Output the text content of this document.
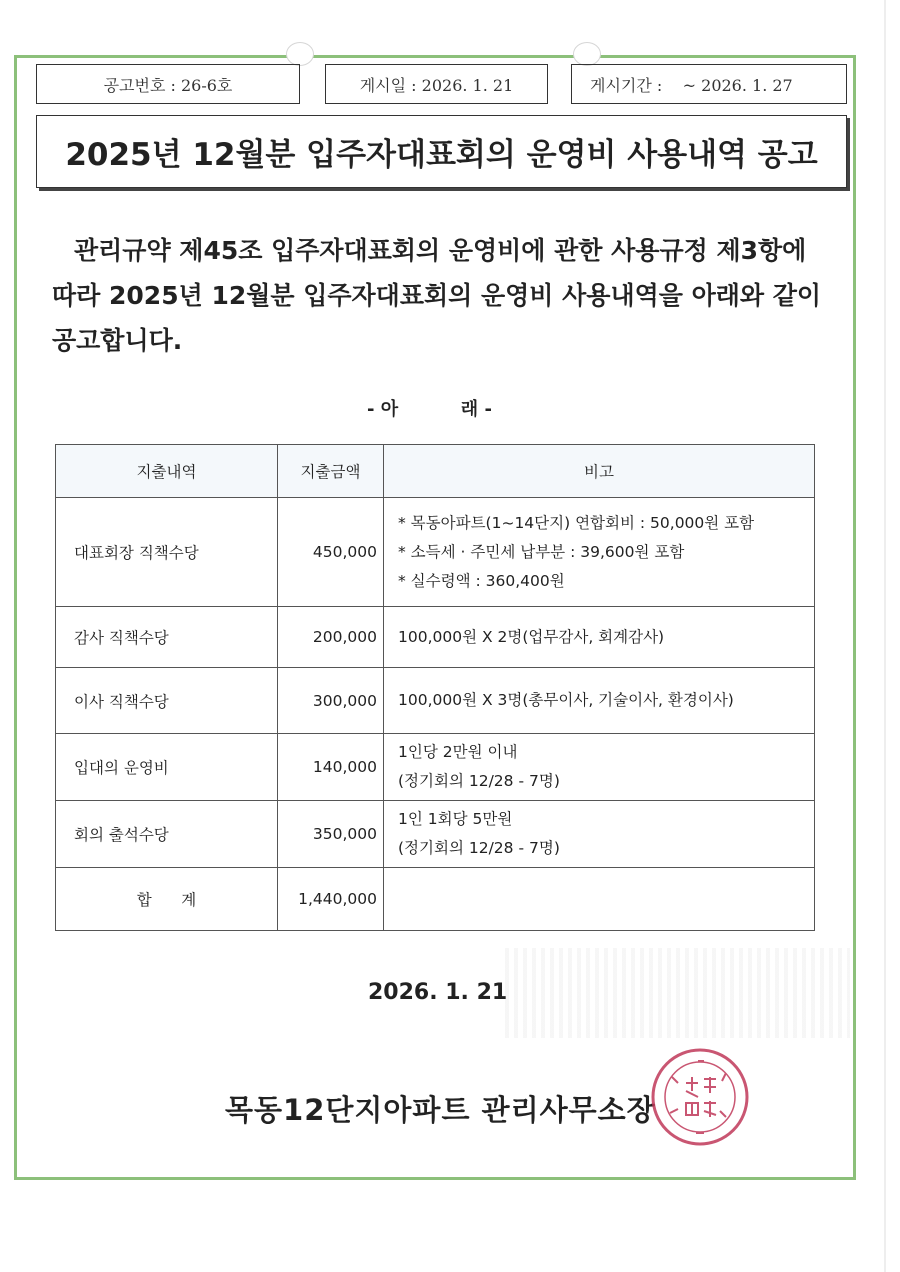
공고번호 : 26-6호	게시일 : 2026. 1. 21	게시기간 :    ~ 2026. 1. 27
2025년 12월분 입주자대표회의 운영비 사용내역 공고
관리규약 제45조 입주자대표회의 운영비에 관한 사용규정 제3항에
따라 2025년 12월분 입주자대표회의 운영비 사용내역을 아래와 같이
공고합니다.
- 아          래 -
지출내역	지출금액	비고
대표회장 직책수당	450,000	* 목동아파트(1~14단지) 연합회비 : 50,000원 포함
* 소득세 · 주민세 납부분 : 39,600원 포함
* 실수령액 : 360,400원

감사 직책수당	200,000	100,000원 X 2명(업무감사, 회계감사)

이사 직책수당	300,000	100,000원 X 3명(총무이사, 기술이사, 환경이사)

입대의 운영비	140,000	1인당 2만원 이내
(정기회의 12/28 - 7명)

회의 출석수당	350,000	1인 1회당 5만원
(정기회의 12/28 - 7명)

합      계	1,440,000	
2026. 1. 21
목동12단지아파트 관리사무소장
